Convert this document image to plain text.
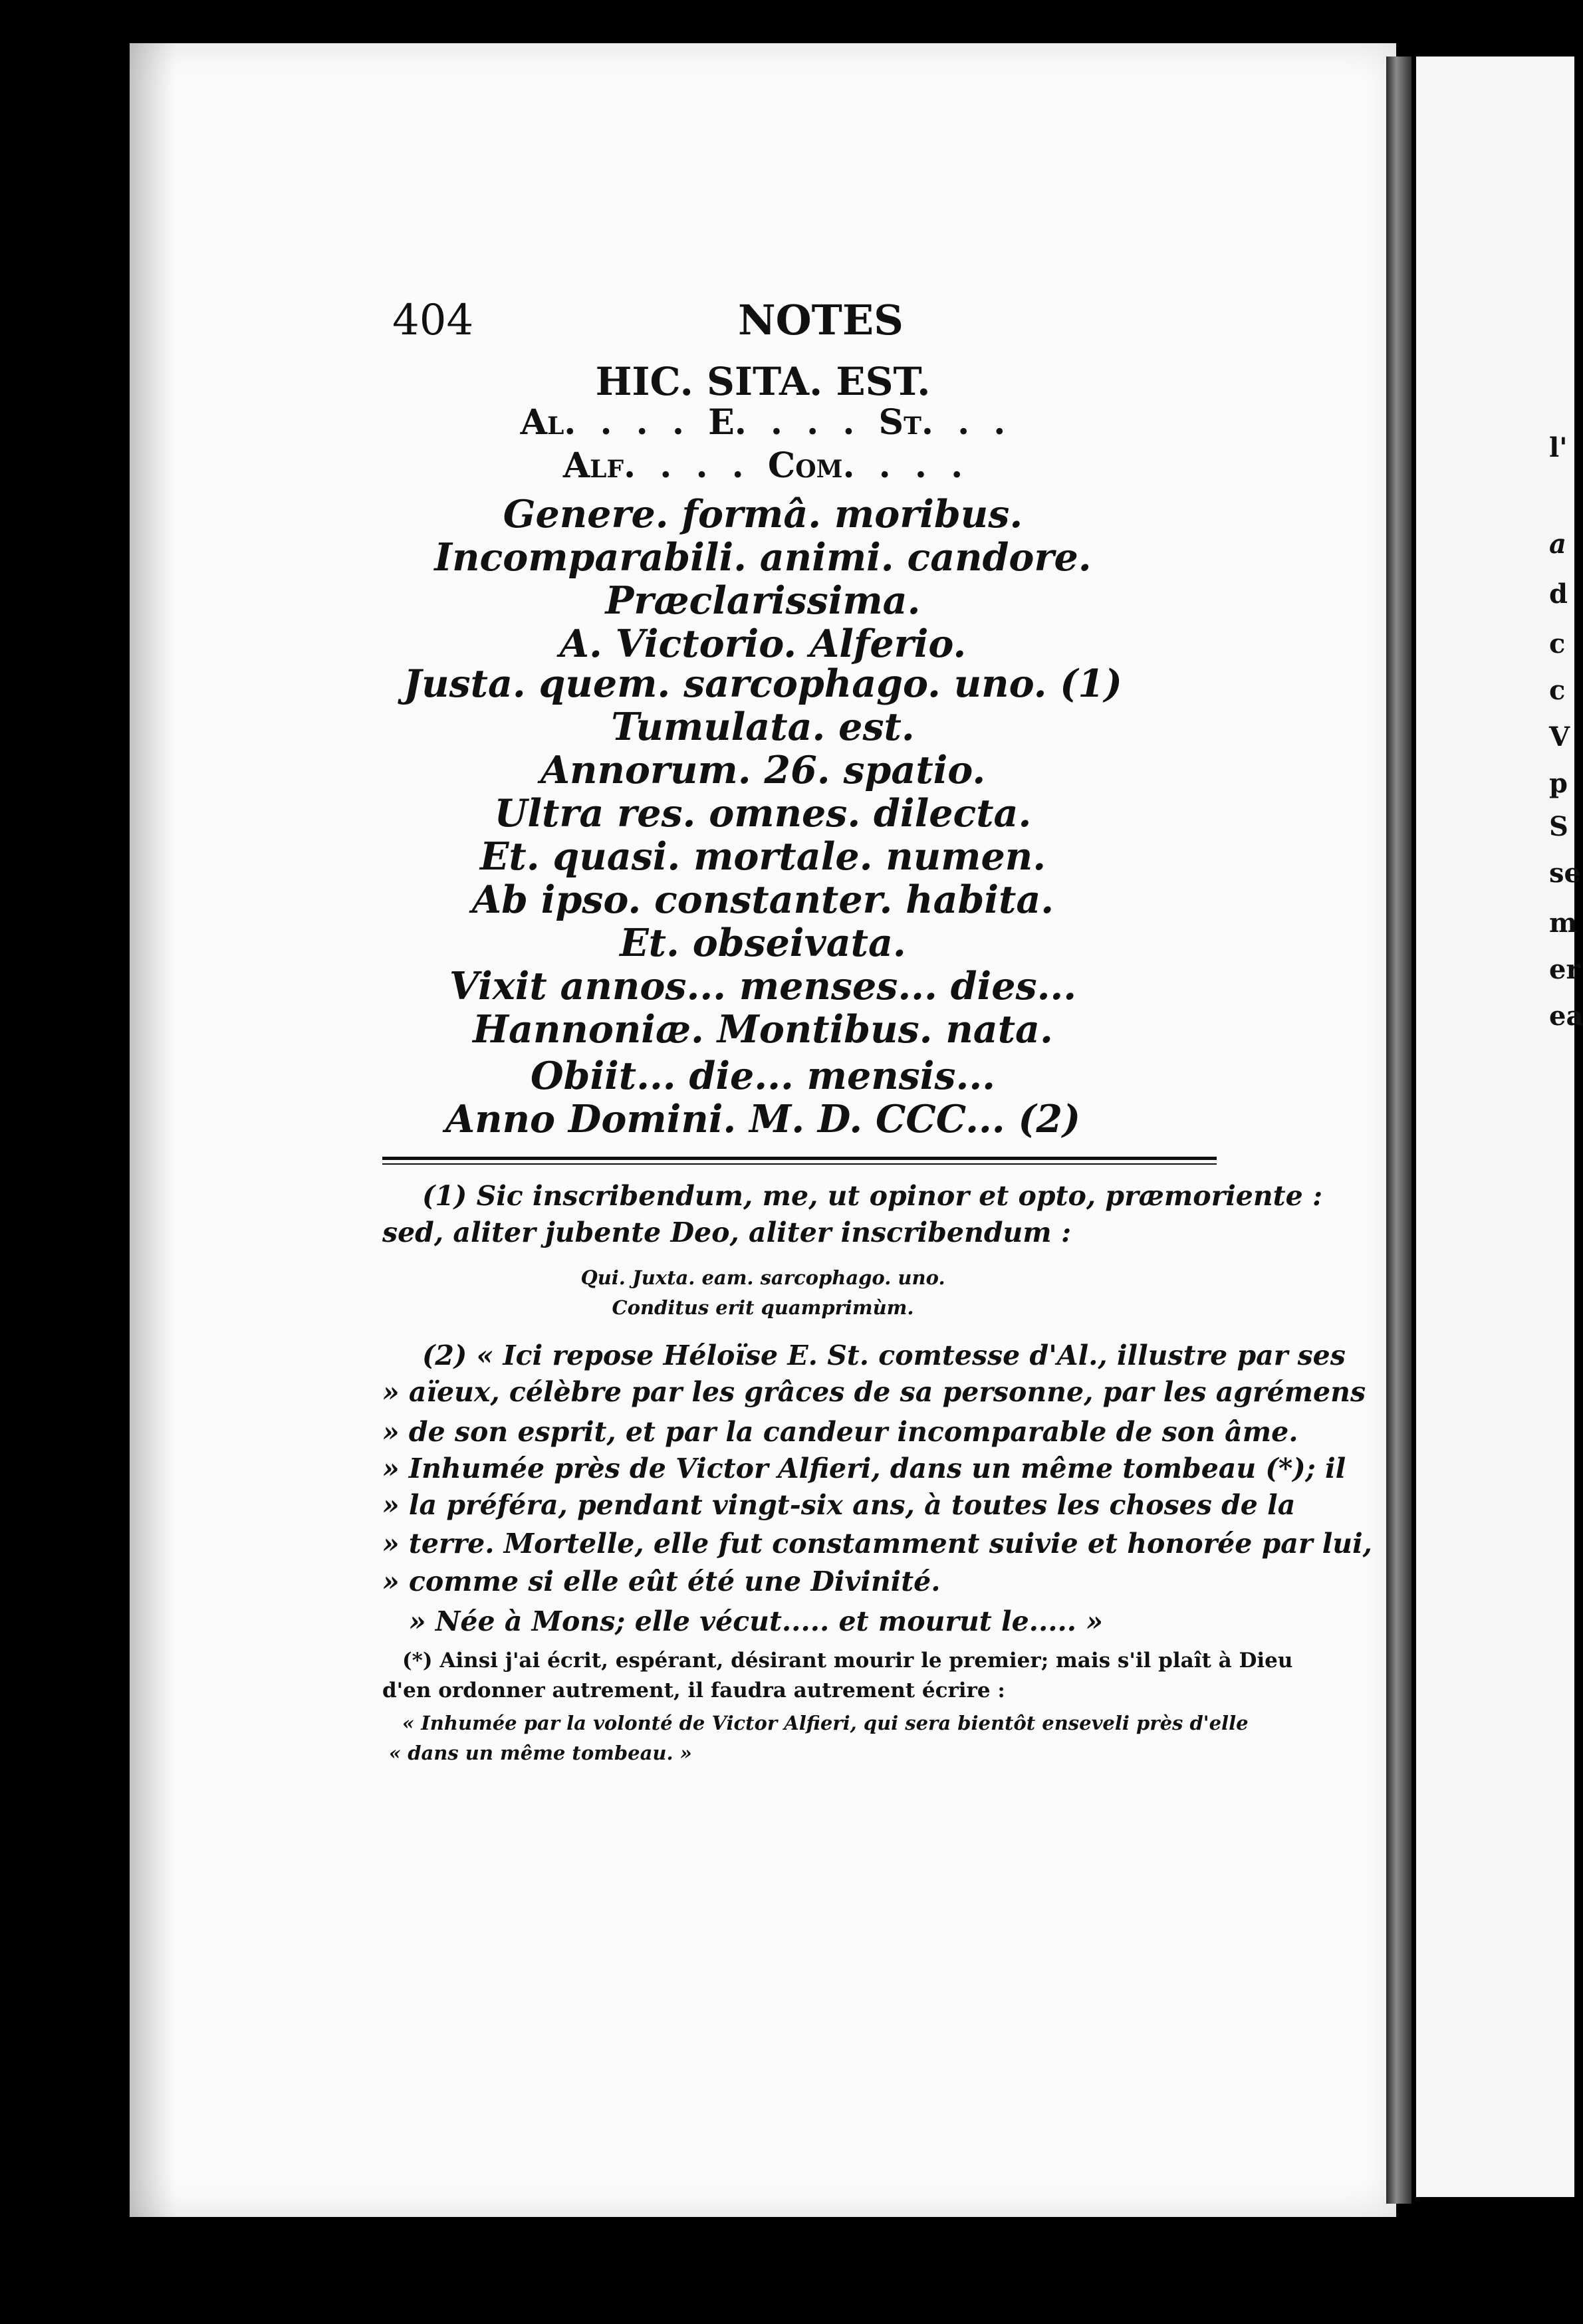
404	NOTES
HIC. SITA. EST.
Al. . . . E. . . . St. . .
Alf. . . . Com. . . .
Genere. formâ. moribus.
Incomparabili. animi. candore.
Præclarissima.
A. Victorio. Alferio.
Justa. quem. sarcophago. uno. (1)
Tumulata. est.
Annorum. 26. spatio.
Ultra res. omnes. dilecta.
Et. quasi. mortale. numen.
Ab ipso. constanter. habita.
Et. obseivata.
Vixit annos... menses... dies...
Hannoniæ. Montibus. nata.
Obiit... die... mensis...
Anno Domini. M. D. CCC... (2)
(1) Sic inscribendum, me, ut opinor et opto, præmoriente :
sed, aliter jubente Deo, aliter inscribendum :
Qui. Juxta. eam. sarcophago. uno.
Conditus erit quamprimùm.
(2) « Ici repose Héloïse E. St. comtesse d'Al., illustre par ses
» aïeux, célèbre par les grâces de sa personne, par les agrémens
» de son esprit, et par la candeur incomparable de son âme.
» Inhumée près de Victor Alfieri, dans un même tombeau (*); il
» la préféra, pendant vingt-six ans, à toutes les choses de la
» terre. Mortelle, elle fut constamment suivie et honorée par lui,
» comme si elle eût été une Divinité.
» Née à Mons; elle vécut..... et mourut le..... »
(*) Ainsi j'ai écrit, espérant, désirant mourir le premier; mais s'il plaît à Dieu
d'en ordonner autrement, il faudra autrement écrire :
« Inhumée par la volonté de Victor Alfieri, qui sera bientôt enseveli près d'elle
« dans un même tombeau. »
l'
a
d
c
c
V
p
S
se
m
er
ea
